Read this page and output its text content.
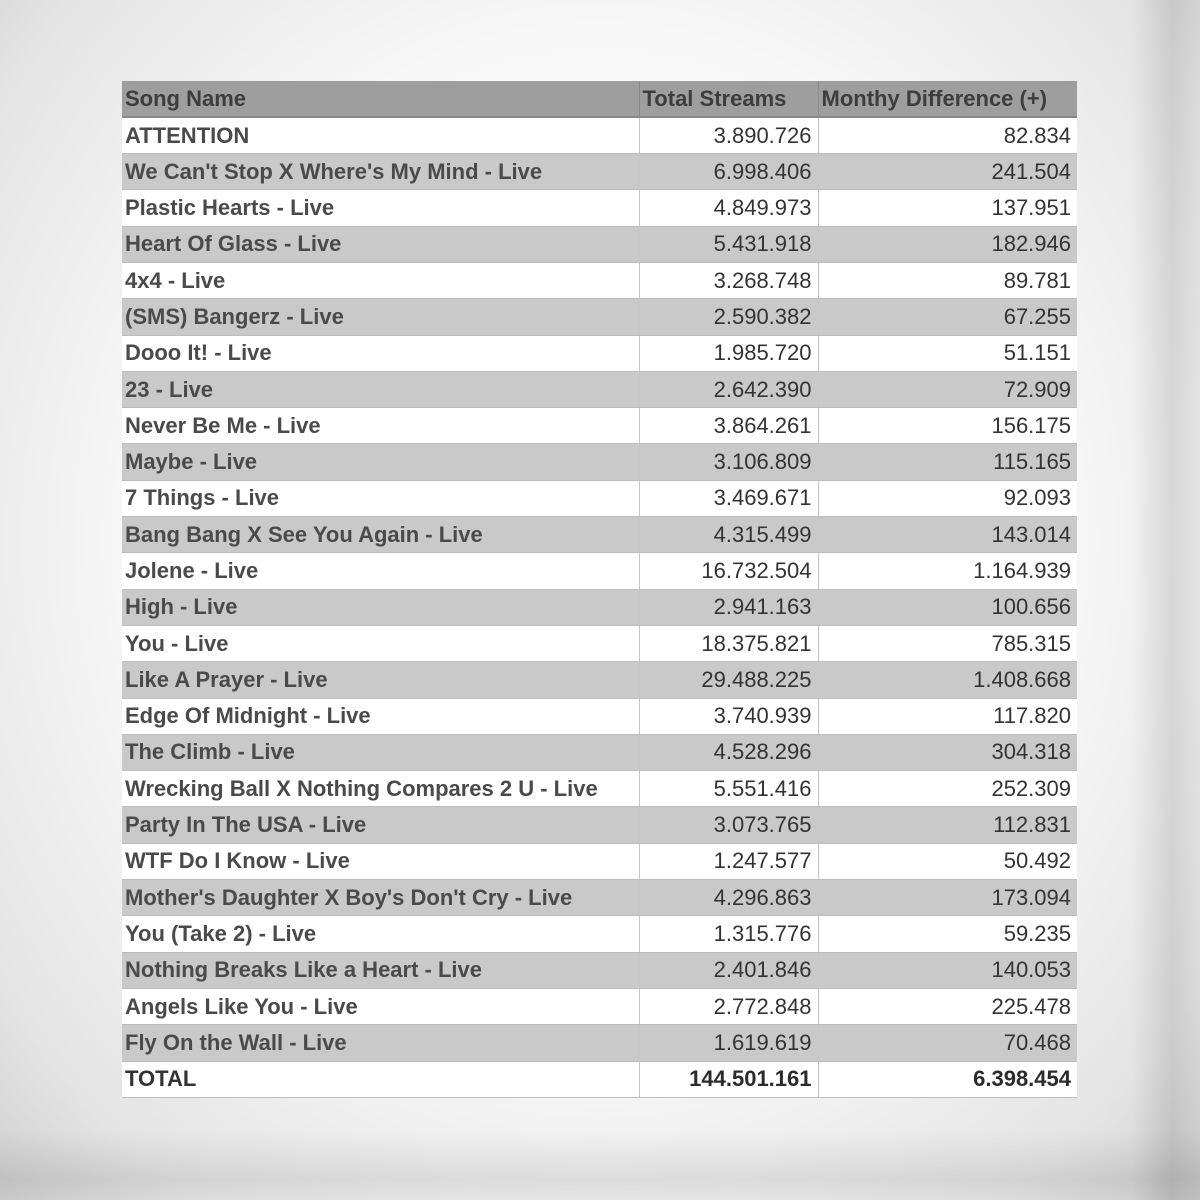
Song Name	Total Streams	Monthy Difference (+)
ATTENTION	3.890.726	82.834
We Can't Stop X Where's My Mind - Live	6.998.406	241.504
Plastic Hearts - Live	4.849.973	137.951
Heart Of Glass - Live	5.431.918	182.946
4x4 - Live	3.268.748	89.781
(SMS) Bangerz - Live	2.590.382	67.255
Dooo It! - Live	1.985.720	51.151
23 - Live	2.642.390	72.909
Never Be Me - Live	3.864.261	156.175
Maybe - Live	3.106.809	115.165
7 Things - Live	3.469.671	92.093
Bang Bang X See You Again - Live	4.315.499	143.014
Jolene - Live	16.732.504	1.164.939
High - Live	2.941.163	100.656
You - Live	18.375.821	785.315
Like A Prayer - Live	29.488.225	1.408.668
Edge Of Midnight - Live	3.740.939	117.820
The Climb - Live	4.528.296	304.318
Wrecking Ball X Nothing Compares 2 U - Live	5.551.416	252.309
Party In The USA - Live	3.073.765	112.831
WTF Do I Know - Live	1.247.577	50.492
Mother's Daughter X Boy's Don't Cry - Live	4.296.863	173.094
You (Take 2) - Live	1.315.776	59.235
Nothing Breaks Like a Heart - Live	2.401.846	140.053
Angels Like You - Live	2.772.848	225.478
Fly On the Wall - Live	1.619.619	70.468
TOTAL	144.501.161	6.398.454
